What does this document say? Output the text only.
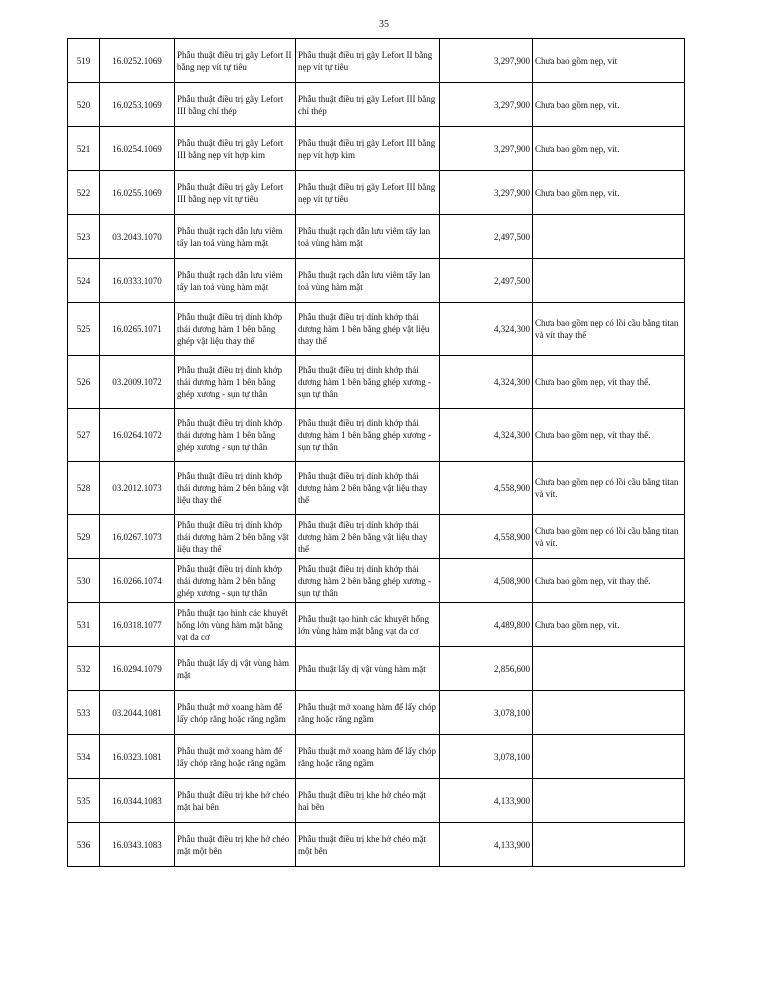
35
519	16.0252.1069	Phẫu thuật điều trị gãy Lefort II bằng nẹp vít tự tiêu	Phẫu thuật điều trị gãy Lefort II bằng nẹp vít tự tiêu	3,297,900	Chưa bao gồm nẹp, vít
520	16.0253.1069	Phẫu thuật điều trị gãy Lefort III bằng chỉ thép	Phẫu thuật điều trị gãy Lefort III bằng chỉ thép	3,297,900	Chưa bao gồm nẹp, vít.
521	16.0254.1069	Phẫu thuật điều trị gãy Lefort III bằng nẹp vít hợp kim	Phẫu thuật điều trị gãy Lefort III bằng nẹp vít hợp kim	3,297,900	Chưa bao gồm nẹp, vít.
522	16.0255.1069	Phẫu thuật điều trị gãy Lefort III bằng nẹp vít tự tiêu	Phẫu thuật điều trị gãy Lefort III bằng nẹp vít tự tiêu	3,297,900	Chưa bao gồm nẹp, vít.
523	03.2043.1070	Phẫu thuật rạch dẫn lưu viêm tấy lan toả vùng hàm mặt	Phẫu thuật rạch dẫn lưu viêm tấy lan toả vùng hàm mặt	2,497,500	
524	16.0333.1070	Phẫu thuật rạch dẫn lưu viêm tấy lan toả vùng hàm mặt	Phẫu thuật rạch dẫn lưu viêm tấy lan toả vùng hàm mặt	2,497,500	
525	16.0265.1071	Phẫu thuật điều trị dính khớp thái dương hàm 1 bên bằng ghép vật liệu thay thế	Phẫu thuật điều trị dính khớp thái dương hàm 1 bên bằng ghép vật liệu thay thế	4,324,300	Chưa bao gồm nẹp có lồi cầu bằng titan và vít thay thế
526	03.2009.1072	Phẫu thuật điều trị dính khớp thái dương hàm 1 bên bằng ghép xương - sụn tự thân	Phẫu thuật điều trị dính khớp thái dương hàm 1 bên bằng ghép xương - sụn tự thân	4,324,300	Chưa bao gồm nẹp, vít thay thế.
527	16.0264.1072	Phẫu thuật điều trị dính khớp thái dương hàm 1 bên bằng ghép xương - sụn tự thân	Phẫu thuật điều trị dính khớp thái dương hàm 1 bên bằng ghép xương - sụn tự thân	4,324,300	Chưa bao gồm nẹp, vít thay thế.
528	03.2012.1073	Phẫu thuật điều trị dính khớp thái dương hàm 2 bên bằng vật liệu thay thế	Phẫu thuật điều trị dính khớp thái dương hàm 2 bên bằng vật liệu thay thế	4,558,900	Chưa bao gồm nẹp có lồi cầu bằng titan và vít.
529	16.0267.1073	Phẫu thuật điều trị dính khớp thái dương hàm 2 bên bằng vật liệu thay thế	Phẫu thuật điều trị dính khớp thái dương hàm 2 bên bằng vật liệu thay thế	4,558,900	Chưa bao gồm nẹp có lồi cầu bằng titan và vít.
530	16.0266.1074	Phẫu thuật điều trị dính khớp thái dương hàm 2 bên bằng ghép xương - sụn tự thân	Phẫu thuật điều trị dính khớp thái dương hàm 2 bên bằng ghép xương - sụn tự thân	4,508,900	Chưa bao gồm nẹp, vít thay thế.
531	16.0318.1077	Phẫu thuật tạo hình các khuyết hổng lớn vùng hàm mặt bằng vạt da cơ	Phẫu thuật tạo hình các khuyết hổng lớn vùng hàm mặt bằng vạt da cơ	4,489,800	Chưa bao gồm nẹp, vít.
532	16.0294.1079	Phẫu thuật lấy dị vật vùng hàm mặt	Phẫu thuật lấy dị vật vùng hàm mặt	2,856,600	
533	03.2044.1081	Phẫu thuật mở xoang hàm để lấy chóp răng hoặc răng ngầm	Phẫu thuật mở xoang hàm để lấy chóp răng hoặc răng ngầm	3,078,100	
534	16.0323.1081	Phẫu thuật mở xoang hàm để lấy chóp răng hoặc răng ngầm	Phẫu thuật mở xoang hàm để lấy chóp răng hoặc răng ngầm	3,078,100	
535	16.0344.1083	Phẫu thuật điều trị khe hở chéo mặt hai bên	Phẫu thuật điều trị khe hở chéo mặt hai bên	4,133,900	
536	16.0343.1083	Phẫu thuật điều trị khe hở chéo mặt một bên	Phẫu thuật điều trị khe hở chéo mặt một bên	4,133,900	
